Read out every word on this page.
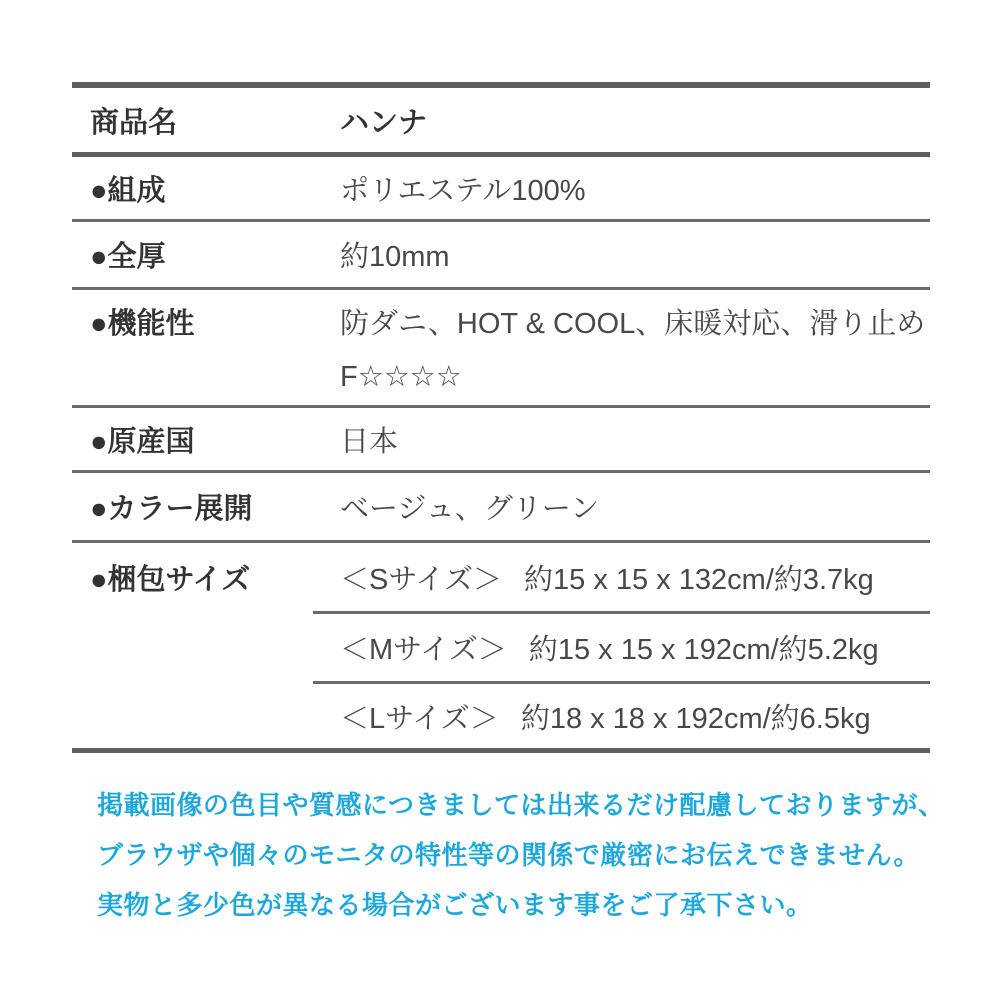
商品名	ハンナ
●組成	ポリエステル100%
●全厚	約10mm
●機能性	防ダニ、HOT & COOL、床暖対応、滑り止め
F☆☆☆☆
●原産国	日本
●カラー展開	ベージュ、グリーン
●梱包サイズ	＜Sサイズ＞ 約15 x 15 x 132cm/約3.7kg
＜Mサイズ＞ 約15 x 15 x 192cm/約5.2kg
＜Lサイズ＞ 約18 x 18 x 192cm/約6.5kg
掲載画像の色目や質感につきましては出来るだけ配慮しておりますが、
ブラウザや個々のモニタの特性等の関係で厳密にお伝えできません。
実物と多少色が異なる場合がございます事をご了承下さい。
